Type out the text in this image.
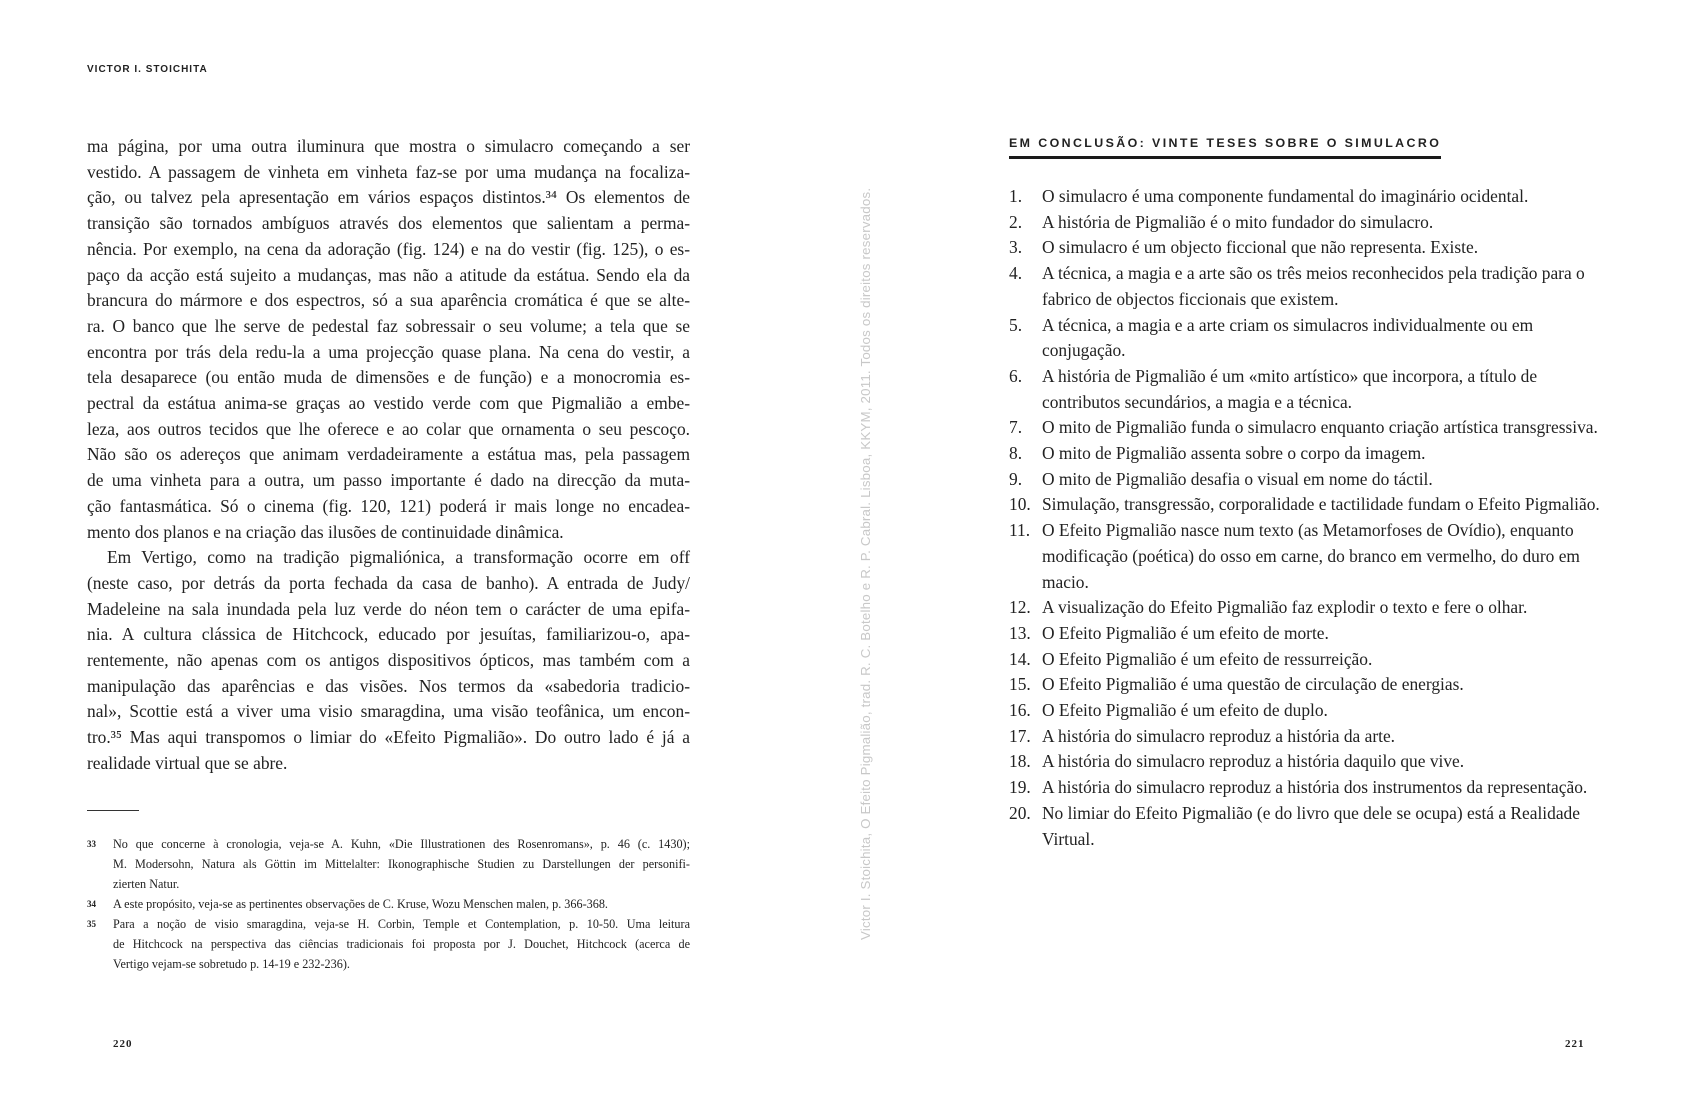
VICTOR I. STOICHITA

ma página, por uma outra iluminura que mostra o simulacro começando a ser
vestido. A passagem de vinheta em vinheta faz-se por uma mudança na focaliza-
ção, ou talvez pela apresentação em vários espaços distintos.³⁴ Os elementos de
transição são tornados ambíguos através dos elementos que salientam a perma-
nência. Por exemplo, na cena da adoração (fig. 124) e na do vestir (fig. 125), o es-
paço da acção está sujeito a mudanças, mas não a atitude da estátua. Sendo ela da
brancura do mármore e dos espectros, só a sua aparência cromática é que se alte-
ra. O banco que lhe serve de pedestal faz sobressair o seu volume; a tela que se
encontra por trás dela redu-la a uma projecção quase plana. Na cena do vestir, a
tela desaparece (ou então muda de dimensões e de função) e a monocromia es-
pectral da estátua anima-se graças ao vestido verde com que Pigmalião a embe-
leza, aos outros tecidos que lhe oferece e ao colar que ornamenta o seu pescoço.
Não são os adereços que animam verdadeiramente a estátua mas, pela passagem
de uma vinheta para a outra, um passo importante é dado na direcção da muta-
ção fantasmática. Só o cinema (fig. 120, 121) poderá ir mais longe no encadea-
mento dos planos e na criação das ilusões de continuidade dinâmica.

Em Vertigo, como na tradição pigmaliónica, a transformação ocorre em off
(neste caso, por detrás da porta fechada da casa de banho). A entrada de Judy/
Madeleine na sala inundada pela luz verde do néon tem o carácter de uma epifa-
nia. A cultura clássica de Hitchcock, educado por jesuítas, familiarizou-o, apa-
rentemente, não apenas com os antigos dispositivos ópticos, mas também com a
manipulação das aparências e das visões. Nos termos da «sabedoria tradicio-
nal», Scottie está a viver uma visio smaragdina, uma visão teofânica, um encon-
tro.³⁵ Mas aqui transpomos o limiar do «Efeito Pigmalião». Do outro lado é já a
realidade virtual que se abre.

33 No que concerne à cronologia, veja-se A. Kuhn, «Die Illustrationen des Rosenromans», p. 46 (c. 1430);
M. Modersohn, Natura als Göttin im Mittelalter: Ikonographische Studien zu Darstellungen der personifi-
zierten Natur.
34 A este propósito, veja-se as pertinentes observações de C. Kruse, Wozu Menschen malen, p. 366-368.
35 Para a noção de visio smaragdina, veja-se H. Corbin, Temple et Contemplation, p. 10-50. Uma leitura
de Hitchcock na perspectiva das ciências tradicionais foi proposta por J. Douchet, Hitchcock (acerca de
Vertigo vejam-se sobretudo p. 14-19 e 232-236).
220
Victor I. Stoichita, O Efeito Pigmalião, trad. R. C. Botelho e R. P. Cabral. Lisboa, KKYM, 2011. Todos os direitos reservados.
EM CONCLUSÃO: VINTE TESES SOBRE O SIMULACRO
1. O simulacro é uma componente fundamental do imaginário ocidental.
2. A história de Pigmalião é o mito fundador do simulacro.
3. O simulacro é um objecto ficcional que não representa. Existe.
4. A técnica, a magia e a arte são os três meios reconhecidos pela tradição para o fabrico de objectos ficcionais que existem.
5. A técnica, a magia e a arte criam os simulacros individualmente ou em conjugação.
6. A história de Pigmalião é um «mito artístico» que incorpora, a título de contributos secundários, a magia e a técnica.
7. O mito de Pigmalião funda o simulacro enquanto criação artística transgressiva.
8. O mito de Pigmalião assenta sobre o corpo da imagem.
9. O mito de Pigmalião desafia o visual em nome do táctil.
10. Simulação, transgressão, corporalidade e tactilidade fundam o Efeito Pigmalião.
11. O Efeito Pigmalião nasce num texto (as Metamorfoses de Ovídio), enquanto modificação (poética) do osso em carne, do branco em vermelho, do duro em macio.
12. A visualização do Efeito Pigmalião faz explodir o texto e fere o olhar.
13. O Efeito Pigmalião é um efeito de morte.
14. O Efeito Pigmalião é um efeito de ressurreição.
15. O Efeito Pigmalião é uma questão de circulação de energias.
16. O Efeito Pigmalião é um efeito de duplo.
17. A história do simulacro reproduz a história da arte.
18. A história do simulacro reproduz a história daquilo que vive.
19. A história do simulacro reproduz a história dos instrumentos da representação.
20. No limiar do Efeito Pigmalião (e do livro que dele se ocupa) está a Realidade Virtual.
221
